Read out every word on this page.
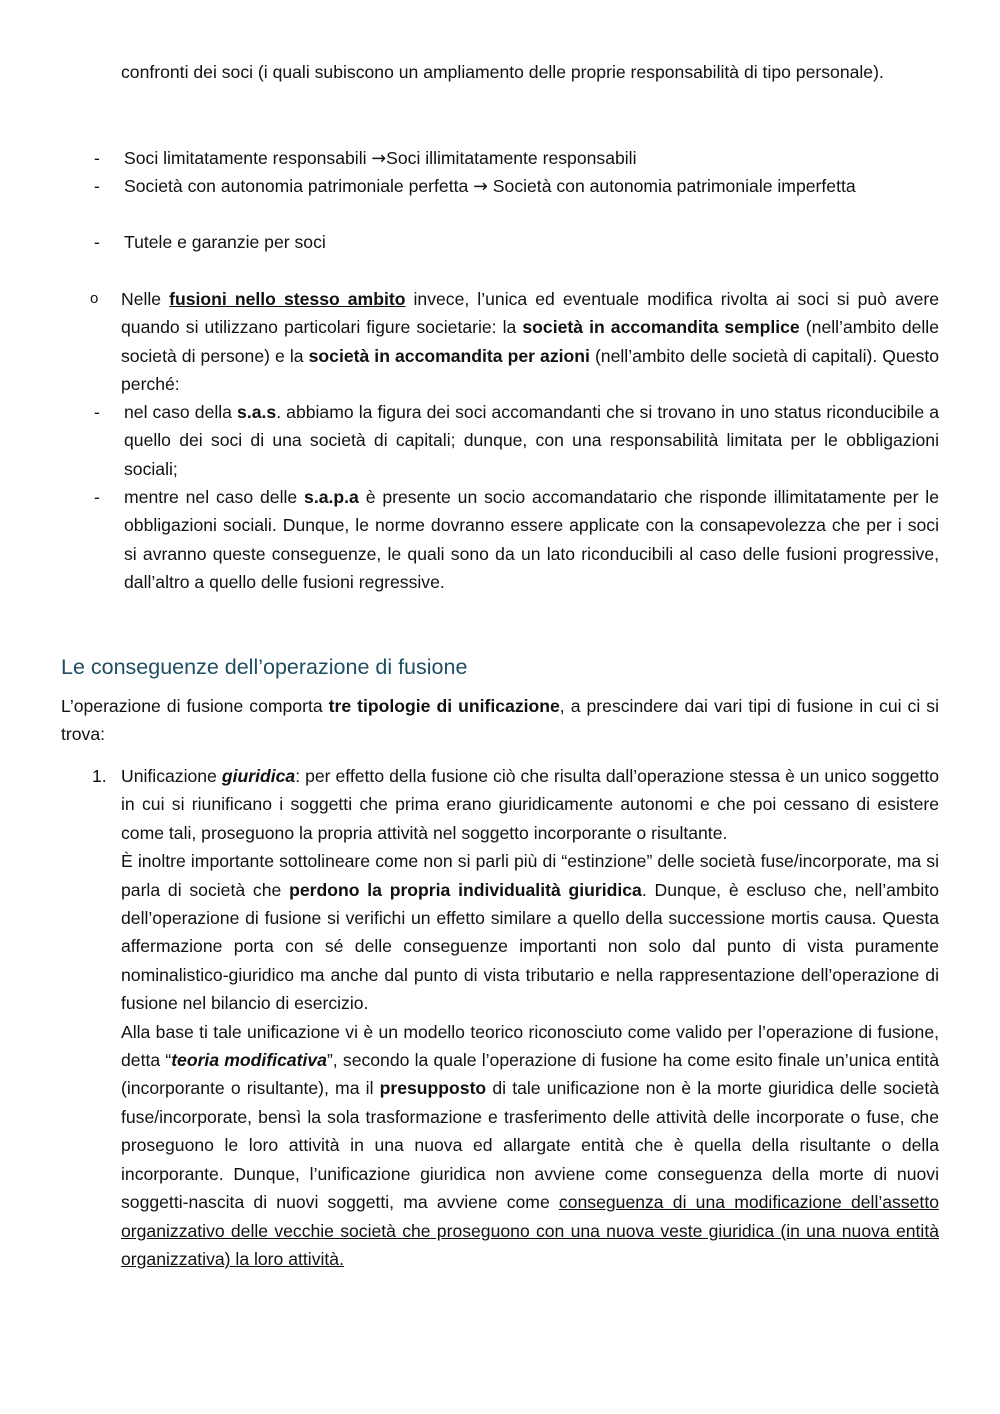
confronti dei soci (i quali subiscono un ampliamento delle proprie responsabilità di tipo personale).

-	Soci limitatamente responsabili →Soci illimitatamente responsabili

-	Società con autonomia patrimoniale perfetta → Società con autonomia patrimoniale imperfetta

-	Tutele e garanzie per soci

o Nelle fusioni nello stesso ambito invece, l’unica ed eventuale modifica rivolta ai soci si può avere quando si utilizzano particolari figure societarie: la società in accomandita semplice (nell’ambito delle società di persone) e la società in accomandita per azioni (nell’ambito delle società di capitali). Questo perché:

-	nel caso della s.a.s. abbiamo la figura dei soci accomandanti che si trovano in uno status riconducibile a quello dei soci di una società di capitali; dunque, con una responsabilità limitata per le obbligazioni sociali;

-	mentre nel caso delle s.a.p.a è presente un socio accomandatario che risponde illimitatamente per le obbligazioni sociali. Dunque, le norme dovranno essere applicate con la consapevolezza che per i soci si avranno queste conseguenze, le quali sono da un lato riconducibili al caso delle fusioni progressive, dall’altro a quello delle fusioni regressive.

Le conseguenze dell’operazione di fusione

L’operazione di fusione comporta tre tipologie di unificazione, a prescindere dai vari tipi di fusione in cui ci si trova:

1. Unificazione giuridica: per effetto della fusione ciò che risulta dall’operazione stessa è un unico soggetto in cui si riunificano i soggetti che prima erano giuridicamente autonomi e che poi cessano di esistere come tali, proseguono la propria attività nel soggetto incorporante o risultante.

È inoltre importante sottolineare come non si parli più di “estinzione” delle società fuse/incorporate, ma si parla di società che perdono la propria individualità giuridica. Dunque, è escluso che, nell’ambito dell’operazione di fusione si verifichi un effetto similare a quello della successione mortis causa. Questa affermazione porta con sé delle conseguenze importanti non solo dal punto di vista puramente nominalistico-giuridico ma anche dal punto di vista tributario e nella rappresentazione dell’operazione di fusione nel bilancio di esercizio.

Alla base ti tale unificazione vi è un modello teorico riconosciuto come valido per l’operazione di fusione, detta “teoria modificativa”, secondo la quale l’operazione di fusione ha come esito finale un’unica entità (incorporante o risultante), ma il presupposto di tale unificazione non è la morte giuridica delle società fuse/incorporate, bensì la sola trasformazione e trasferimento delle attività delle incorporate o fuse, che proseguono le loro attività in una nuova ed allargate entità che è quella della risultante o della incorporante. Dunque, l’unificazione giuridica non avviene come conseguenza della morte di nuovi soggetti-nascita di nuovi soggetti, ma avviene come conseguenza di una modificazione dell’assetto organizzativo delle vecchie società che proseguono con una nuova veste giuridica (in una nuova entità organizzativa) la loro attività.
